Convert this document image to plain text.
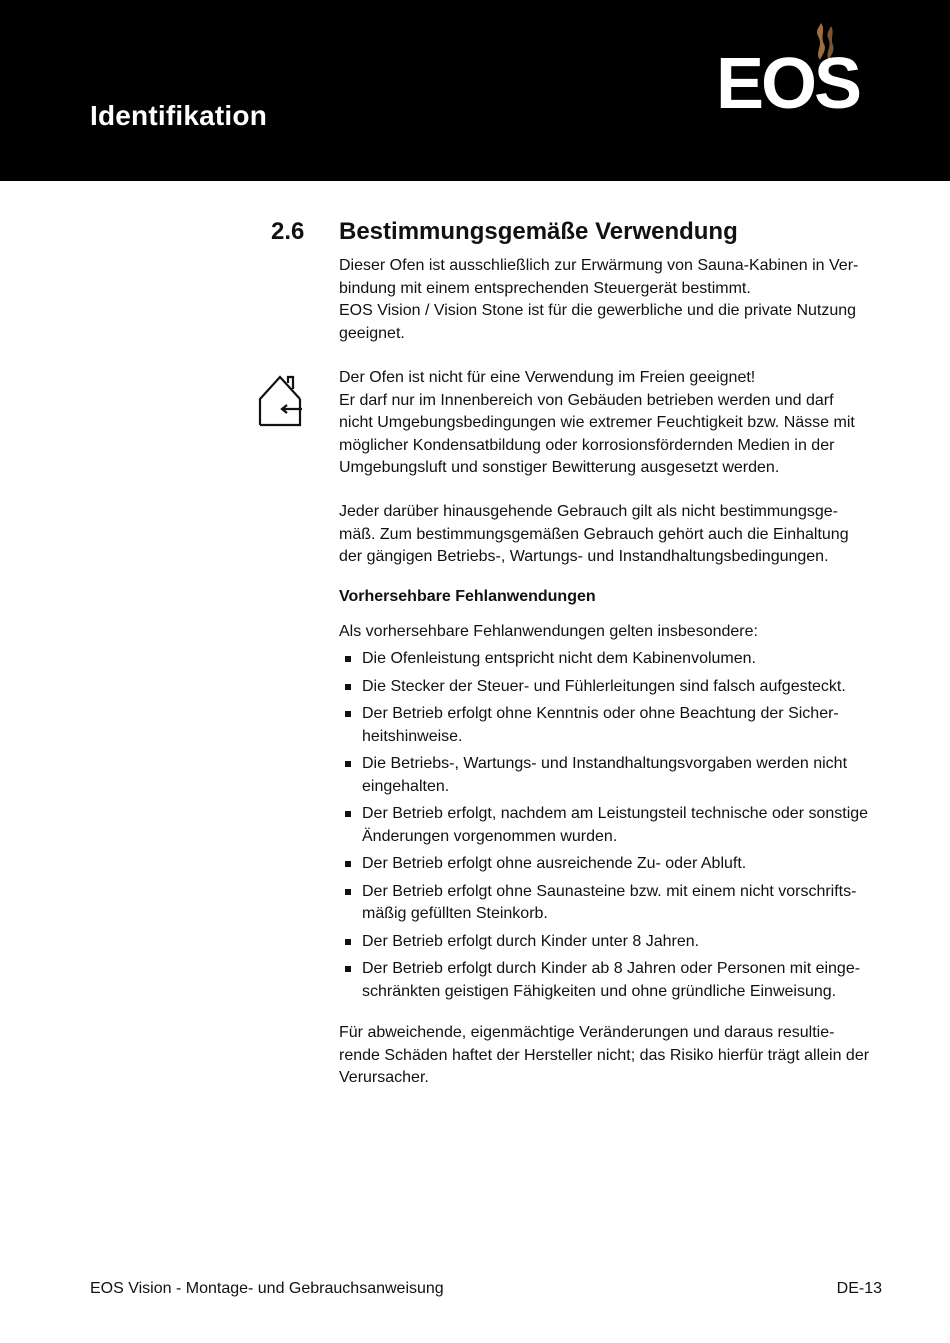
Identifikation	EOS
2.6 Bestimmungsgemäße Verwendung
Dieser Ofen ist ausschließlich zur Erwärmung von Sauna-Kabinen in Ver-
bindung mit einem entsprechenden Steuergerät bestimmt.
EOS Vision / Vision Stone ist für die gewerbliche und die private Nutzung
geeignet.
Der Ofen ist nicht für eine Verwendung im Freien geeignet!
Er darf nur im Innenbereich von Gebäuden betrieben werden und darf
nicht Umgebungsbedingungen wie extremer Feuchtigkeit bzw. Nässe mit
möglicher Kondensatbildung oder korrosionsfördernden Medien in der
Umgebungsluft und sonstiger Bewitterung ausgesetzt werden.
Jeder darüber hinausgehende Gebrauch gilt als nicht bestimmungsge-
mäß. Zum bestimmungsgemäßen Gebrauch gehört auch die Einhaltung
der gängigen Betriebs-, Wartungs- und Instandhaltungsbedingungen.
Vorhersehbare Fehlanwendungen
Als vorhersehbare Fehlanwendungen gelten insbesondere:
Die Ofenleistung entspricht nicht dem Kabinenvolumen.
Die Stecker der Steuer- und Fühlerleitungen sind falsch aufgesteckt.
Der Betrieb erfolgt ohne Kenntnis oder ohne Beachtung der Sicher-
heitshinweise.
Die Betriebs-, Wartungs- und Instandhaltungsvorgaben werden nicht
eingehalten.
Der Betrieb erfolgt, nachdem am Leistungsteil technische oder sonstige
Änderungen vorgenommen wurden.
Der Betrieb erfolgt ohne ausreichende Zu- oder Abluft.
Der Betrieb erfolgt ohne Saunasteine bzw. mit einem nicht vorschrifts-
mäßig gefüllten Steinkorb.
Der Betrieb erfolgt durch Kinder unter 8 Jahren.
Der Betrieb erfolgt durch Kinder ab 8 Jahren oder Personen mit einge-
schränkten geistigen Fähigkeiten und ohne gründliche Einweisung.
Für abweichende, eigenmächtige Veränderungen und daraus resultie-
rende Schäden haftet der Hersteller nicht; das Risiko hierfür trägt allein der
Verursacher.
EOS Vision - Montage- und Gebrauchsanweisung	DE-13
